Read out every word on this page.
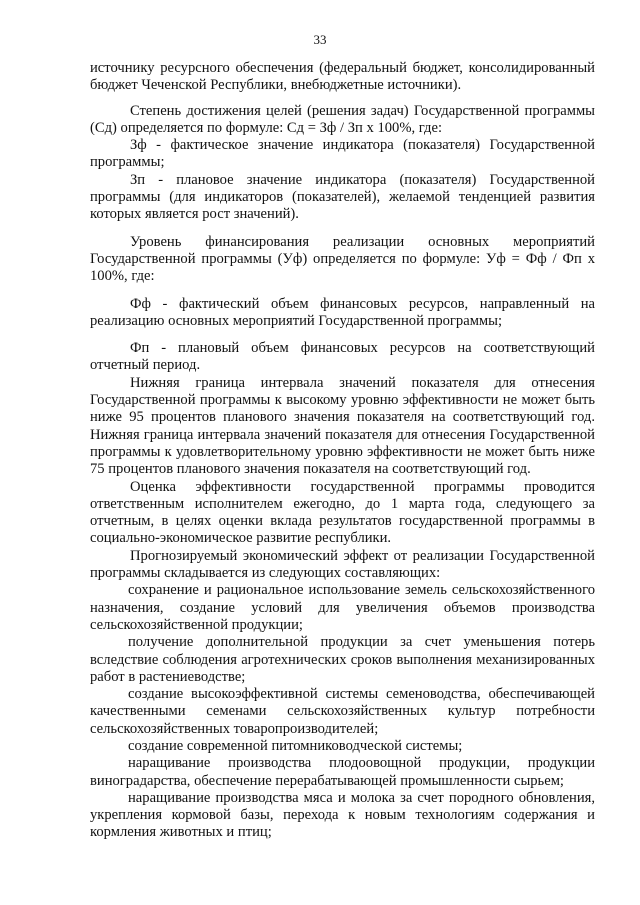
33

источнику ресурсного обеспечения (федеральный бюджет, консолидированный бюджет Чеченской Республики, внебюджетные источники).

Степень достижения целей (решения задач) Государственной программы (Сд) определяется по формуле: Сд = Зф / Зп х 100%, где:

Зф - фактическое значение индикатора (показателя) Государственной программы;

Зп - плановое значение индикатора (показателя) Государственной программы (для индикаторов (показателей), желаемой тенденцией развития которых является рост значений).

Уровень финансирования реализации основных мероприятий Государственной программы (Уф) определяется по формуле: Уф = Фф / Фп х 100%, где:

Фф - фактический объем финансовых ресурсов, направленный на реализацию основных мероприятий Государственной программы;

Фп - плановый объем финансовых ресурсов на соответствующий отчетный период.

Нижняя граница интервала значений показателя для отнесения Государственной программы к высокому уровню эффективности не может быть ниже 95 процентов планового значения показателя на соответствующий год. Нижняя граница интервала значений показателя для отнесения Государственной программы к удовлетворительному уровню эффективности не может быть ниже 75 процентов планового значения показателя на соответствующий год.

Оценка эффективности государственной программы проводится ответственным исполнителем ежегодно, до 1 марта года, следующего за отчетным, в целях оценки вклада результатов государственной программы в социально-экономическое развитие республики.

Прогнозируемый экономический эффект от реализации Государственной программы складывается из следующих составляющих:

сохранение и рациональное использование земель сельскохозяйственного назначения, создание условий для увеличения объемов производства сельскохозяйственной продукции;

получение дополнительной продукции за счет уменьшения потерь вследствие соблюдения агротехнических сроков выполнения механизированных работ в растениеводстве;

создание высокоэффективной системы семеноводства, обеспечивающей качественными семенами сельскохозяйственных культур потребности сельскохозяйственных товаропроизводителей;

создание современной питомниководческой системы;

наращивание производства плодоовощной продукции, продукции виноградарства, обеспечение перерабатывающей промышленности сырьем;

наращивание производства мяса и молока за счет породного обновления, укрепления кормовой базы, перехода к новым технологиям содержания и кормления животных и птиц;
